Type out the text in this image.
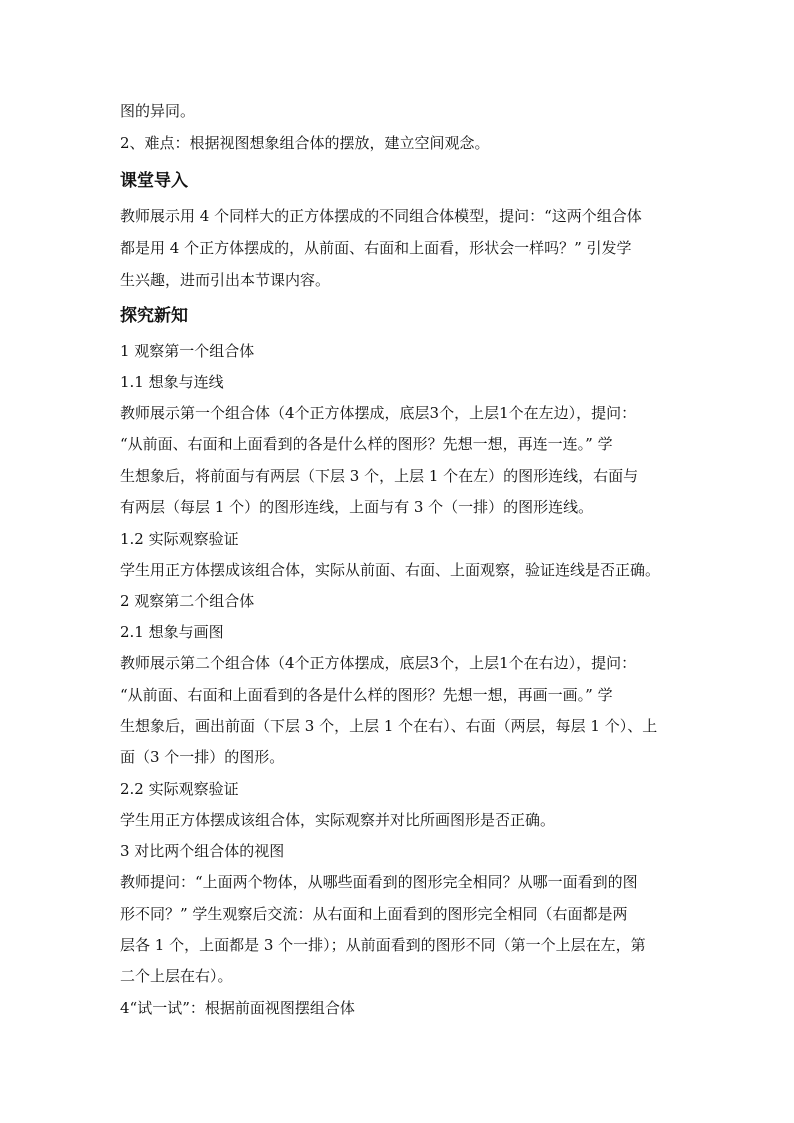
图的异同。
2、难点：根据视图想象组合体的摆放，建立空间观念。
课堂导入
教师展示用 4 个同样大的正方体摆成的不同组合体模型，提问：“这两个组合体
都是用 4 个正方体摆成的，从前面、右面和上面看，形状会一样吗？” 引发学
生兴趣，进而引出本节课内容。
探究新知
1 观察第一个组合体
1.1 想象与连线
教师展示第一个组合体（4个正方体摆成，底层3个，上层1个在左边），提问：
“从前面、右面和上面看到的各是什么样的图形？先想一想，再连一连。” 学
生想象后，将前面与有两层（下层 3 个，上层 1 个在左）的图形连线，右面与
有两层（每层 1 个）的图形连线，上面与有 3 个（一排）的图形连线。
1.2 实际观察验证
学生用正方体摆成该组合体，实际从前面、右面、上面观察，验证连线是否正确。
2 观察第二个组合体
2.1 想象与画图
教师展示第二个组合体（4个正方体摆成，底层3个，上层1个在右边），提问：
“从前面、右面和上面看到的各是什么样的图形？先想一想，再画一画。” 学
生想象后，画出前面（下层 3 个，上层 1 个在右）、右面（两层，每层 1 个）、上
面（3 个一排）的图形。
2.2 实际观察验证
学生用正方体摆成该组合体，实际观察并对比所画图形是否正确。
3 对比两个组合体的视图
教师提问：“上面两个物体，从哪些面看到的图形完全相同？从哪一面看到的图
形不同？” 学生观察后交流：从右面和上面看到的图形完全相同（右面都是两
层各 1 个，上面都是 3 个一排）；从前面看到的图形不同（第一个上层在左，第
二个上层在右）。
4“试一试”：根据前面视图摆组合体
